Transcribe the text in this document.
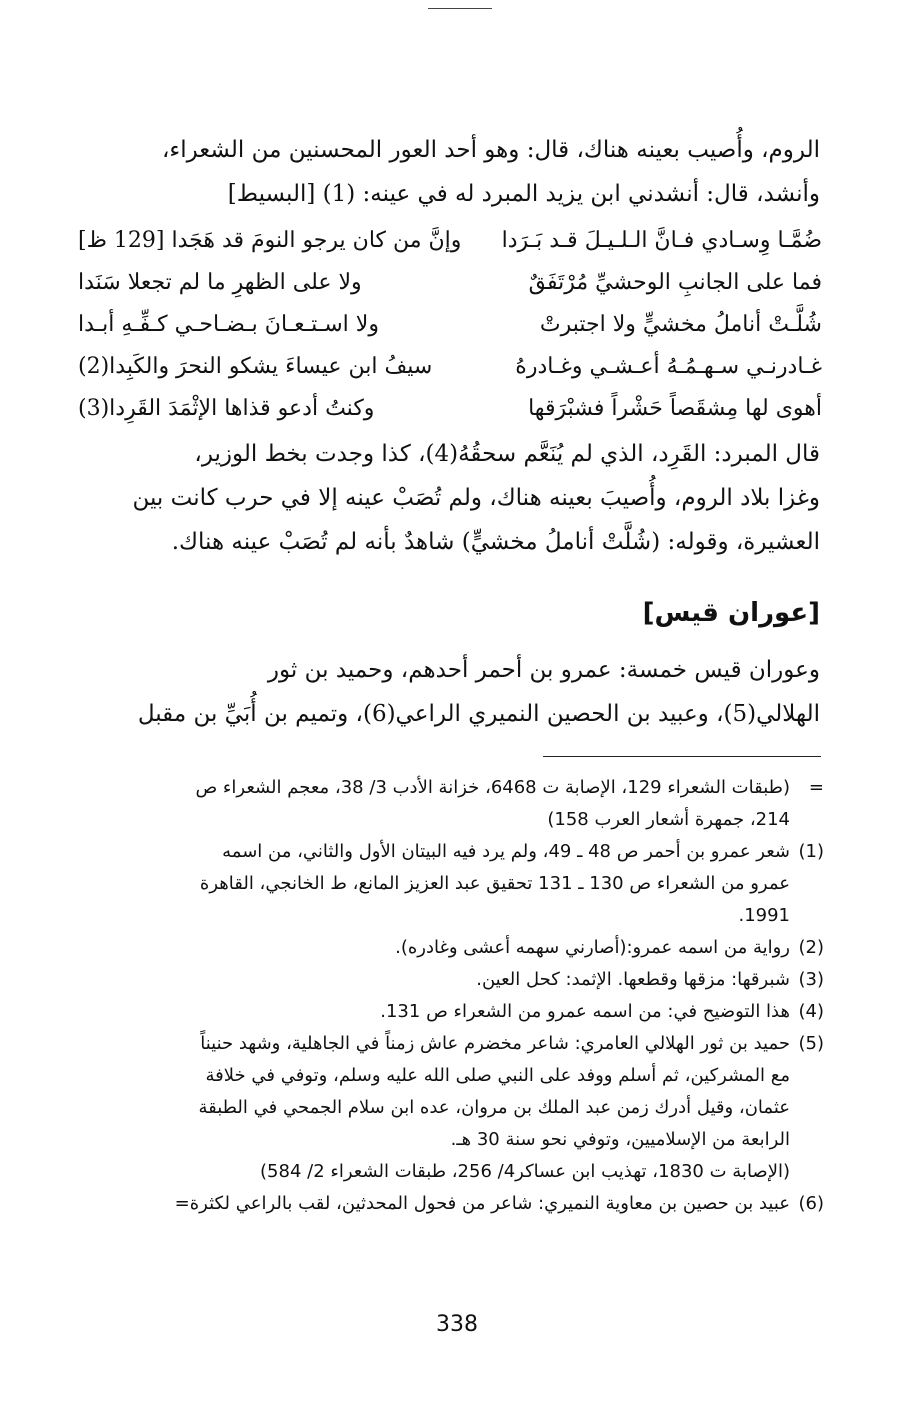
الروم، وأُصيب بعينه هناك، قال: وهو أحد العور المحسنين من الشعراء،

وأنشد، قال: أنشدني ابن يزيد المبرد له في عينه: (1) [البسيط]

ضُمَّـا وِسـادي فـانَّ الـلـيـلَ قـد بَـرَدا
وإنَّ من كان يرجو النومَ قد هَجَدا [129 ظ]
فما على الجانبِ الوحشيِّ مُرْتَفَقٌ
ولا على الظهرِ ما لم تجعلا سَنَدا
شُلَّـتْ أناملُ مخشيٍّ ولا اجتبرتْ
ولا اسـتـعـانَ بـضـاحـي كـفِّـهِ أبـدا
غـادرنـي سـهـمُـهُ أعـشـي وغـادرهُ
سيفُ ابن عيساءَ يشكو النحرَ والكَبِدا(2)
أهوى لها مِشقَصاً حَشْراً فشبْرَقها
وكنتُ أدعو قذاها الإثْمَدَ القَرِدا(3)

قال المبرد: القَرِد، الذي لم يُنَعَّم سحقُهُ(4)، كذا وجدت بخط الوزير،

وغزا بلاد الروم، وأُصيبَ بعينه هناك، ولم تُصَبْ عينه إلا في حرب كانت بين

العشيرة، وقوله: (شُلَّتْ أناملُ مخشيٍّ) شاهدٌ بأنه لم تُصَبْ عينه هناك.

[عوران قيس]

وعوران قيس خمسة: عمرو بن أحمر أحدهم، وحميد بن ثور

الهلالي(5)، وعبيد بن الحصين النميري الراعي(6)، وتميم بن أُبَيِّ بن مقبل

=
(طبقات الشعراء 129، الإصابة ت 6468، خزانة الأدب 3/ 38، معجم الشعراء ص
214، جمهرة أشعار العرب 158)
(1)
شعر عمرو بن أحمر ص 48 ـ 49، ولم يرد فيه البيتان الأول والثاني، من اسمه
عمرو من الشعراء ص 130 ـ 131 تحقيق عبد العزيز المانع، ط الخانجي، القاهرة
1991.
(2)
رواية من اسمه عمرو:(أصارني سهمه أعشى وغادره).
(3)
شبرقها: مزقها وقطعها. الإثمد: كحل العين.
(4)
هذا التوضيح في: من اسمه عمرو من الشعراء ص 131.
(5)
حميد بن ثور الهلالي العامري: شاعر مخضرم عاش زمناً في الجاهلية، وشهد حنيناً
مع المشركين، ثم أسلم ووفد على النبي صلى الله عليه وسلم، وتوفي في خلافة
عثمان، وقيل أدرك زمن عبد الملك بن مروان، عده ابن سلام الجمحي في الطبقة
الرابعة من الإسلاميين، وتوفي نحو سنة 30 هـ.
(الإصابة ت 1830، تهذيب ابن عساكر4/ 256، طبقات الشعراء 2/ 584)
(6)
عبيد بن حصين بن معاوية النميري: شاعر من فحول المحدثين، لقب بالراعي لكثرة=
338
